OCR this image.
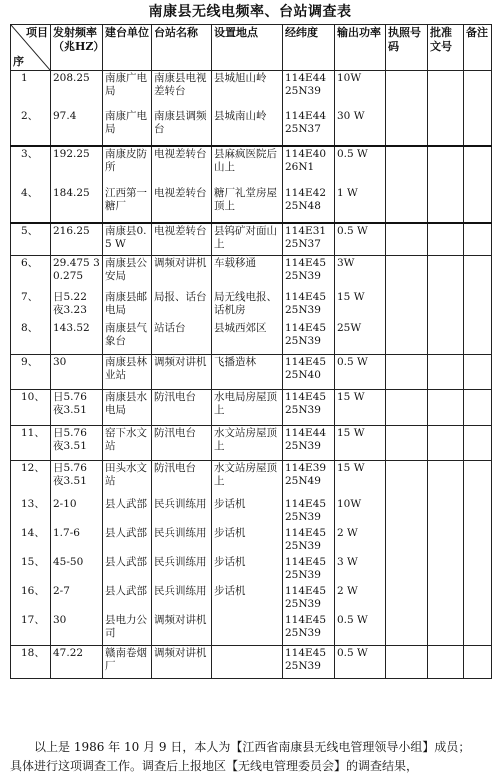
南康县无线电频率、台站调查表
项目
序	发射频率（兆HZ）	建台单位	台站名称	设置地点	经纬度	输出功率	执照号码	批准文号	备注
1	208.25	南康广电局	南康县电视差转台	县城旭山岭	114E44 25N39	10W			
2、	97.4	南康广电局	南康县调频台	县城南山岭	114E44 25N37	30 W			
3、	192.25	南康皮防所	电视差转台	县麻疯医院后山上	114E40 26N1	0.5 W			
4、	184.25	江西第一糖厂	电视差转台	糖厂礼堂房屋顶上	114E42 25N48	1 W			
5、	216.25	南康县0.5 W	电视差转台	县钨矿对面山上	114E31 25N37	0.5 W			
6、	29.475 30.275	南康县公安局	调频对讲机	车载移通	114E45 25N39	3W			
7、	日5.22 夜3.23	南康县邮电局	局报、话台	局无线电报、话机房	114E45 25N39	15 W			
8、	143.52	南康县气象台	站话台	县城西郊区	114E45 25N39	25W			
9、	30	南康县林业站	调频对讲机	飞播造林	114E45 25N40	0.5 W			
10、	日5.76 夜3.51	南康县水电局	防汛电台	水电局房屋顶上	114E45 25N39	15 W			
11、	日5.76 夜3.51	窑下水文站	防汛电台	水文站房屋顶上	114E44 25N39	15 W			
12、	日5.76 夜3.51	田头水文站	防汛电台	水文站房屋顶上	114E39 25N49	15 W			
13、	2-10	县人武部	民兵训练用	步话机	114E45 25N39	10W			
14、	1.7-6	县人武部	民兵训练用	步话机	114E45 25N39	2 W			
15、	45-50	县人武部	民兵训练用	步话机	114E45 25N39	3 W			
16、	2-7	县人武部	民兵训练用	步话机	114E45 25N39	2 W			
17、	30	县电力公司	调频对讲机		114E45 25N39	0.5 W			
18、	47.22	赣南卷烟厂	调频对讲机		114E45 25N39	0.5 W			

以上是 1986 年 10 月 9 日，本人为【江西省南康县无线电管理领导小组】成员；

具体进行这项调查工作。调查后上报地区【无线电管理委员会】的调查结果，
